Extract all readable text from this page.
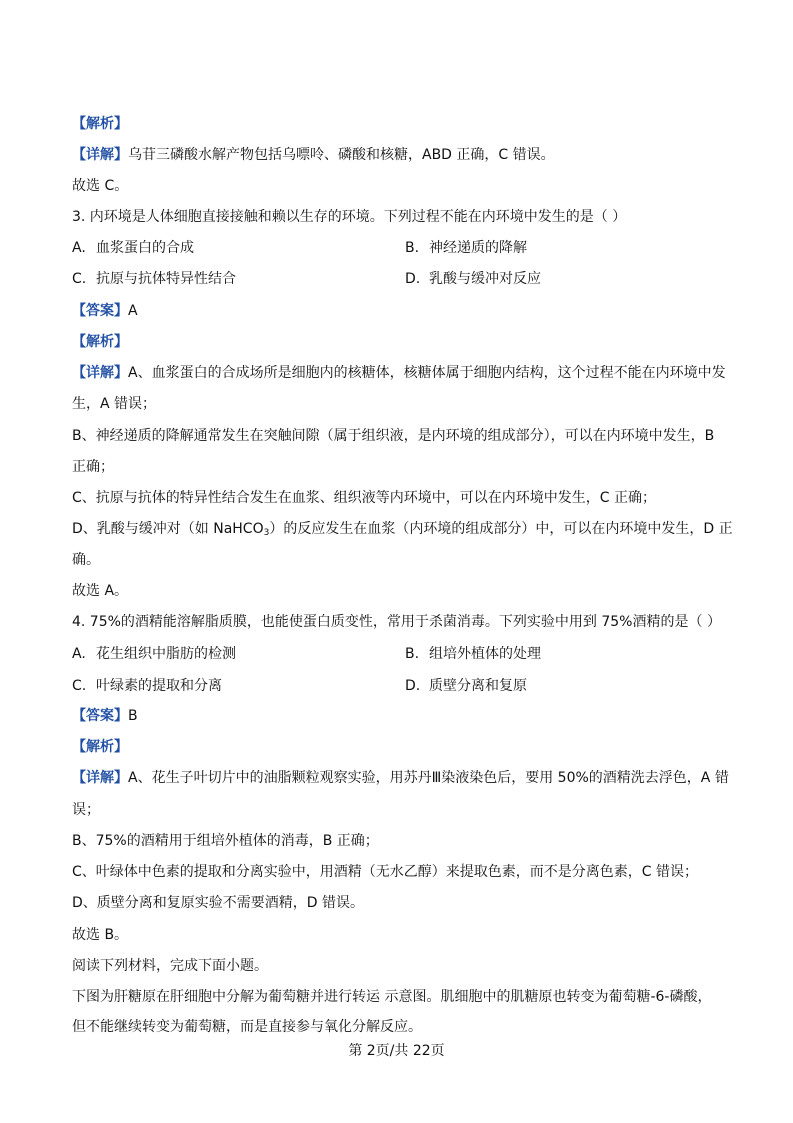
【解析】
【详解】乌苷三磷酸水解产物包括乌嘌呤、磷酸和核糖，ABD 正确，C 错误。
故选 C。
3. 内环境是人体细胞直接接触和赖以生存的环境。下列过程不能在内环境中发生的是（ ）
A. 血浆蛋白的合成	B. 神经递质的降解
C. 抗原与抗体特异性结合	D. 乳酸与缓冲对反应
【答案】A
【解析】
【详解】A、血浆蛋白的合成场所是细胞内的核糖体，核糖体属于细胞内结构，这个过程不能在内环境中发
生，A 错误；
B、神经递质的降解通常发生在突触间隙（属于组织液，是内环境的组成部分），可以在内环境中发生，B
正确；
C、抗原与抗体的特异性结合发生在血浆、组织液等内环境中，可以在内环境中发生，C 正确；
D、乳酸与缓冲对（如 NaHCO$_3$）的反应发生在血浆（内环境的组成部分）中，可以在内环境中发生，D 正
确。
故选 A。
4. 75%的酒精能溶解脂质膜，也能使蛋白质变性，常用于杀菌消毒。下列实验中用到 75%酒精的是（ ）
A. 花生组织中脂肪的检测	B. 组培外植体的处理
C. 叶绿素的提取和分离	D. 质壁分离和复原
【答案】B
【解析】
【详解】A、花生子叶切片中的油脂颗粒观察实验，用苏丹Ⅲ染液染色后，要用 50%的酒精洗去浮色，A 错
误；
B、75%的酒精用于组培外植体的消毒，B 正确；
C、叶绿体中色素的提取和分离实验中，用酒精（无水乙醇）来提取色素，而不是分离色素，C 错误；
D、质壁分离和复原实验不需要酒精，D 错误。
故选 B。
阅读下列材料，完成下面小题。
下图为肝糖原在肝细胞中分解为葡萄糖并进行转运 示意图。肌细胞中的肌糖原也转变为葡萄糖-6-磷酸，
但不能继续转变为葡萄糖，而是直接参与氧化分解反应。
第 2页/共 22页
